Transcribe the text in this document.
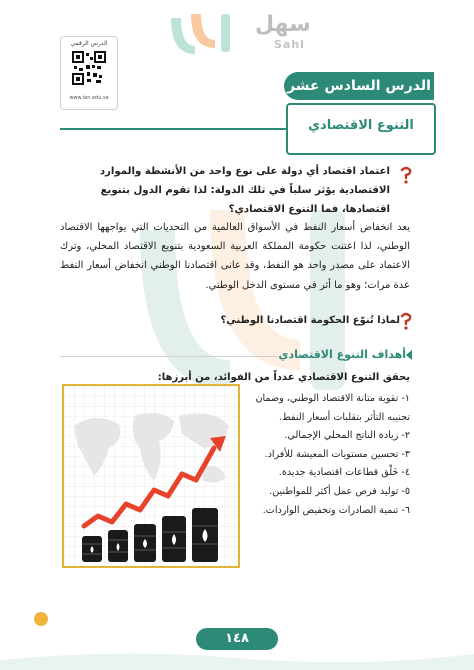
سهل
Sahl
الدرس الرقمي
www.ien.edu.sa
الدرس السادس عشر
التنوع الاقتصادي
اعتماد اقتصاد أي دولة على نوع واحد من الأنشطة والموارد الاقتصادية يؤثر سلباً في تلك الدولة: لذا تقوم الدول بتنويع اقتصادها، فما التنوع الاقتصادي؟
يعد انخفاض أسعار النفط في الأسواق العالمية من التحديات التي يواجهها الاقتصاد الوطني، لذا اعتنت حكومة المملكة العربية السعودية بتنويع الاقتصاد المحلي، وترك الاعتماد على مصدر واحد هو النفط، وقد عانى اقتصادنا الوطني انخفاض أسعار النفط عدة مرات؛ وهو ما أثر في مستوى الدخل الوطني.
لماذا تُنوّع الحكومة اقتصادنا الوطني؟
أهداف التنوع الاقتصادي
يحقق التنوع الاقتصادي عدداً من الفوائد، من أبرزها:
١- تقوية متانة الاقتصاد الوطني، وضمان تجنيبه التأثر بتقلبات أسعار النفط.
٢- زيادة الناتج المحلي الإجمالي.
٣- تحسين مستويات المعيشة للأفراد.
٤- خَلْق قطاعات اقتصادية جديدة.
٥- توليد فرص عمل أكثر للمواطنين.
٦- تنمية الصادرات وتخفيض الواردات.
١٤٨
